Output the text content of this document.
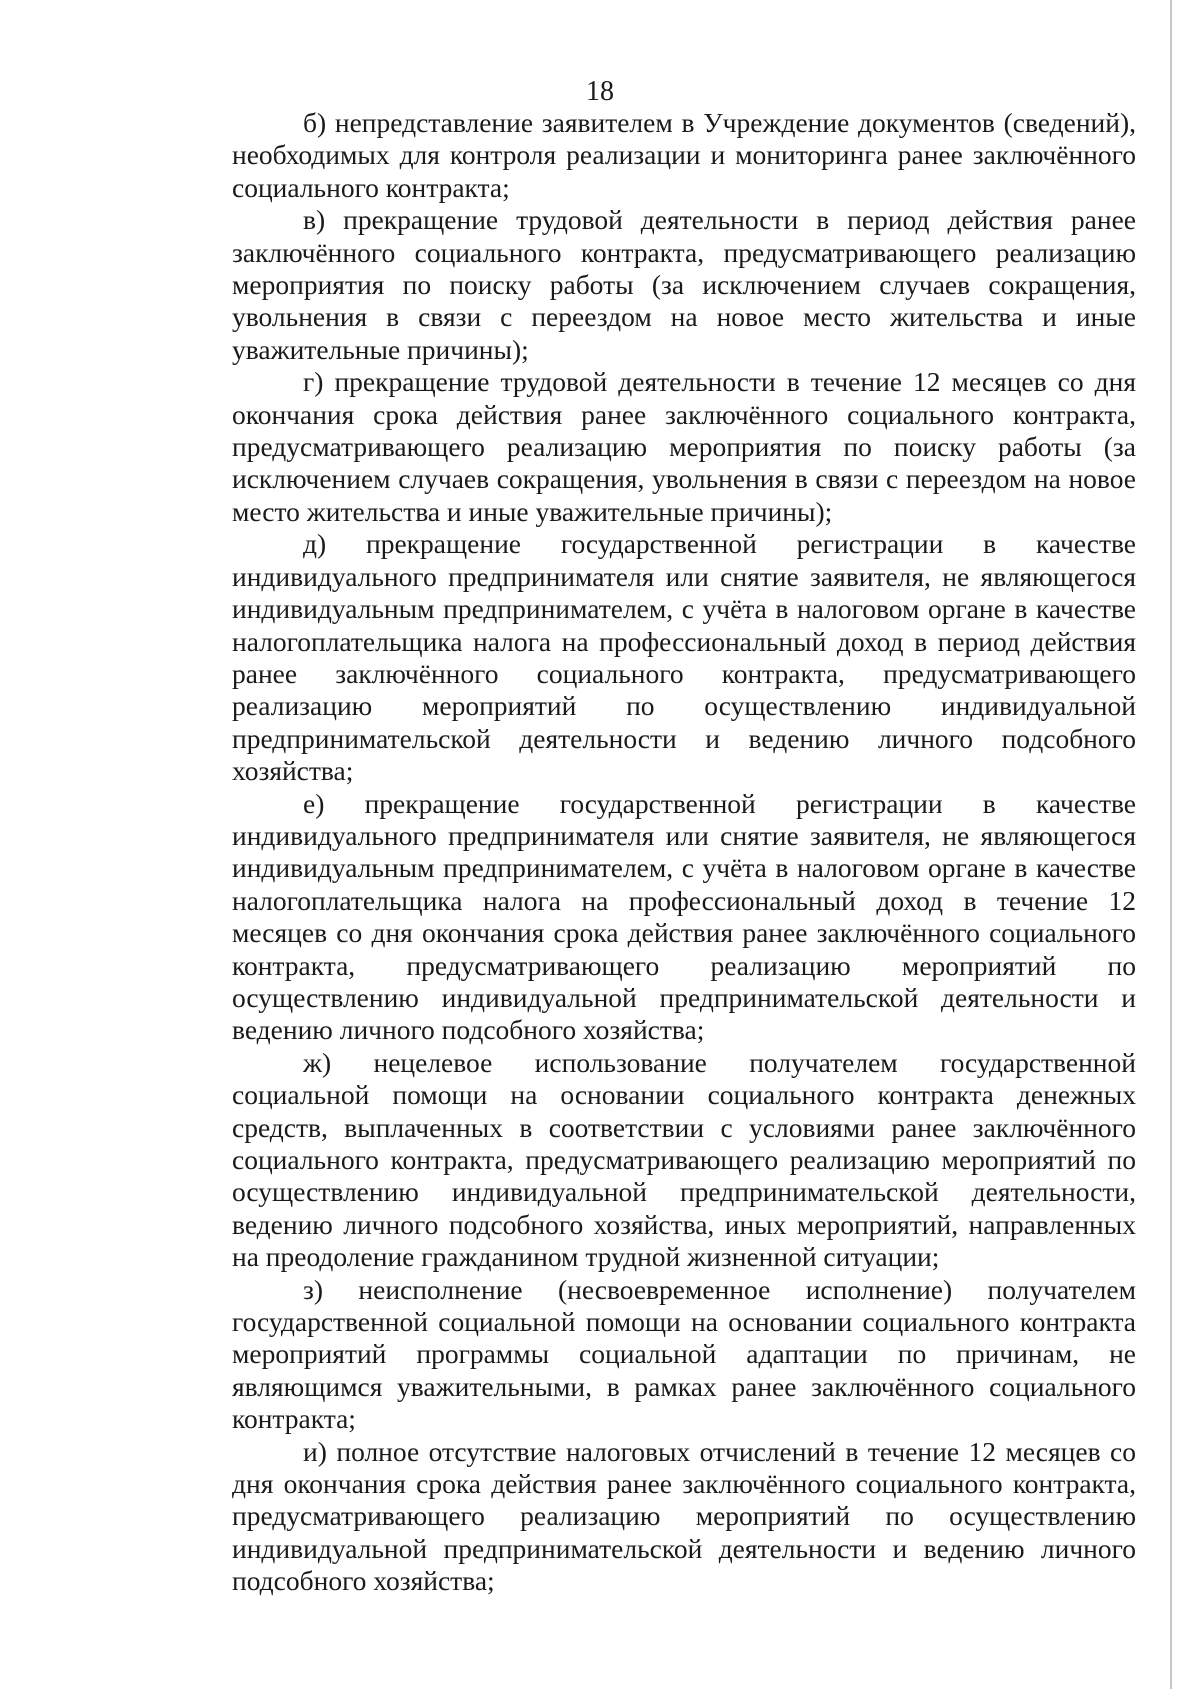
18

б) непредставление заявителем в Учреждение документов (сведений), необходимых для контроля реализации и мониторинга ранее заключённого социального контракта;

в) прекращение трудовой деятельности в период действия ранее заключённого социального контракта, предусматривающего реализацию мероприятия по поиску работы (за исключением случаев сокращения, увольнения в связи с переездом на новое место жительства и иные уважительные причины);

г) прекращение трудовой деятельности в течение 12 месяцев со дня окончания срока действия ранее заключённого социального контракта, предусматривающего реализацию мероприятия по поиску работы (за исключением случаев сокращения, увольнения в связи с переездом на новое место жительства и иные уважительные причины);

д) прекращение государственной регистрации в качестве индивидуального предпринимателя или снятие заявителя, не являющегося индивидуальным предпринимателем, с учёта в налоговом органе в качестве налогоплательщика налога на профессиональный доход в период действия ранее заключённого социального контракта, предусматривающего реализацию мероприятий по осуществлению индивидуальной предпринимательской деятельности и ведению личного подсобного хозяйства;

е) прекращение государственной регистрации в качестве индивидуального предпринимателя или снятие заявителя, не являющегося индивидуальным предпринимателем, с учёта в налоговом органе в качестве налогоплательщика налога на профессиональный доход в течение 12 месяцев со дня окончания срока действия ранее заключённого социального контракта, предусматривающего реализацию мероприятий по осуществлению индивидуальной предпринимательской деятельности и ведению личного подсобного хозяйства;

ж) нецелевое использование получателем государственной социальной помощи на основании социального контракта денежных средств, выплаченных в соответствии с условиями ранее заключённого социального контракта, предусматривающего реализацию мероприятий по осуществлению индивидуальной предпринимательской деятельности, ведению личного подсобного хозяйства, иных мероприятий, направленных на преодоление гражданином трудной жизненной ситуации;

з) неисполнение (несвоевременное исполнение) получателем государственной социальной помощи на основании социального контракта мероприятий программы социальной адаптации по причинам, не являющимся уважительными, в рамках ранее заключённого социального контракта;

и) полное отсутствие налоговых отчислений в течение 12 месяцев со дня окончания срока действия ранее заключённого социального контракта, предусматривающего реализацию мероприятий по осуществлению индивидуальной предпринимательской деятельности и ведению личного подсобного хозяйства;
